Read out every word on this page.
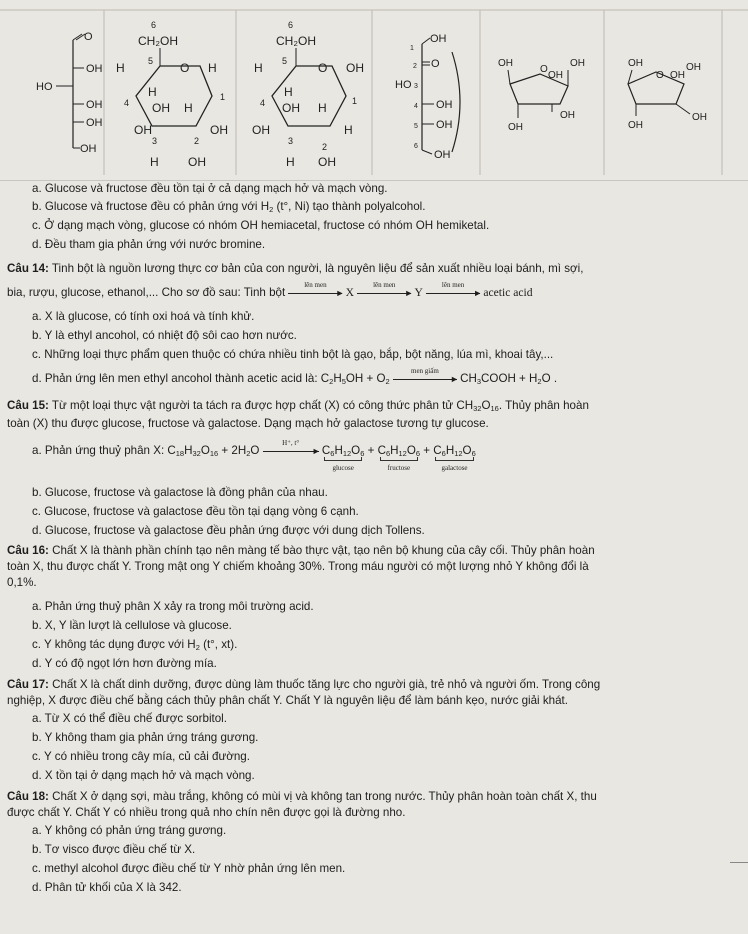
O
OH
HO
OH
OH
OH
6
CH₂OH
5 O
H	H
H
4 OH H
1
OH
3	2
OH
H OH
6
CH₂OH
5	O
H	OH
H
4 OH H	1
OH
3
2
H
H OH
OH
1
2 O
HO 3
4 OH
5 OH
6
OH
OH
O
OH
OH
OH
OH
OH
O OH
OH
OH
OH
a. Glucose và fructose đều tồn tại ở cả dạng mạch hở và mạch vòng.
b. Glucose và fructose đều có phản ứng với $H_2$ (t°, Ni) tạo thành polyalcohol.
c. Ở dạng mạch vòng, glucose có nhóm OH hemiacetal, fructose có nhóm OH hemiketal.
d. Đều tham gia phản ứng với nước bromine.
Câu 14: Tinh bột là nguồn lương thực cơ bản của con người, là nguyên liệu để sản xuất nhiều loại bánh, mì sợi,
bia, rượu, glucose, ethanol,... Cho sơ đồ sau: Tinh bột
lên men
► X
lên men
► Y
lên men
► acetic acid
a. X là glucose, có tính oxi hoá và tính khử.
b. Y là ethyl ancohol, có nhiệt độ sôi cao hơn nước.
c. Những loại thực phẩm quen thuộc có chứa nhiều tinh bột là gạo, bắp, bột năng, lúa mì, khoai tây,...
d. Phản ứng lên men ethyl ancohol thành acetic acid là: $C_2H_5OH + O_2$
men giấm
►
$CH_3COOH + H_2O$ .
Câu 15: Từ một loại thực vật người ta tách ra được hợp chất (X) có công thức phân tử $CH_{32}O_{16}$. Thủy phân hoàn
toàn (X) thu được glucose, fructose và galactose. Dạng mạch hở galactose tương tự glucose.
a. Phản ứng thuỷ phân X: $C_{18}H_{32}O_{16} + 2H_2O$
H⁺, t°
► $C_6H_{12}O_6$
glucose
+ $C_6H_{12}O_6$
fructose
+ $C_6H_{12}O_6$
galactose
b. Glucose, fructose và galactose là đồng phân của nhau.
c. Glucose, fructose và galactose đều tồn tại dạng vòng 6 cạnh.
d. Glucose, fructose và galactose đều phản ứng được với dung dịch Tollens.
Câu 16: Chất X là thành phần chính tạo nên màng tế bào thực vật, tạo nên bộ khung của cây cối. Thủy phân hoàn
toàn X, thu được chất Y. Trong mật ong Y chiếm khoảng 30%. Trong máu người có một lượng nhỏ Y không đổi là
0,1%.
a. Phản ứng thuỷ phân X xảy ra trong môi trường acid.
b. X, Y lần lượt là cellulose và glucose.
c. Y không tác dụng được với $H_2$ (t°, xt).
d. Y có độ ngọt lớn hơn đường mía.
Câu 17: Chất X là chất dinh dưỡng, được dùng làm thuốc tăng lực cho người già, trẻ nhỏ và người ốm. Trong công
nghiệp, X được điều chế bằng cách thủy phân chất Y. Chất Y là nguyên liệu để làm bánh kẹo, nước giải khát.
a. Từ X có thể điều chế được sorbitol.
b. Y không tham gia phản ứng tráng gương.
c. Y có nhiều trong cây mía, củ cải đường.
d. X tồn tại ở dạng mạch hở và mạch vòng.
Câu 18: Chất X ở dạng sợi, màu trắng, không có mùi vị và không tan trong nước. Thủy phân hoàn toàn chất X, thu
được chất Y. Chất Y có nhiều trong quả nho chín nên được gọi là đường nho.
a. Y không có phản ứng tráng gương.
b. Tơ visco được điều chế từ X.
c. methyl alcohol được điều chế từ Y nhờ phản ứng lên men.
d. Phân tử khối của X là 342.
